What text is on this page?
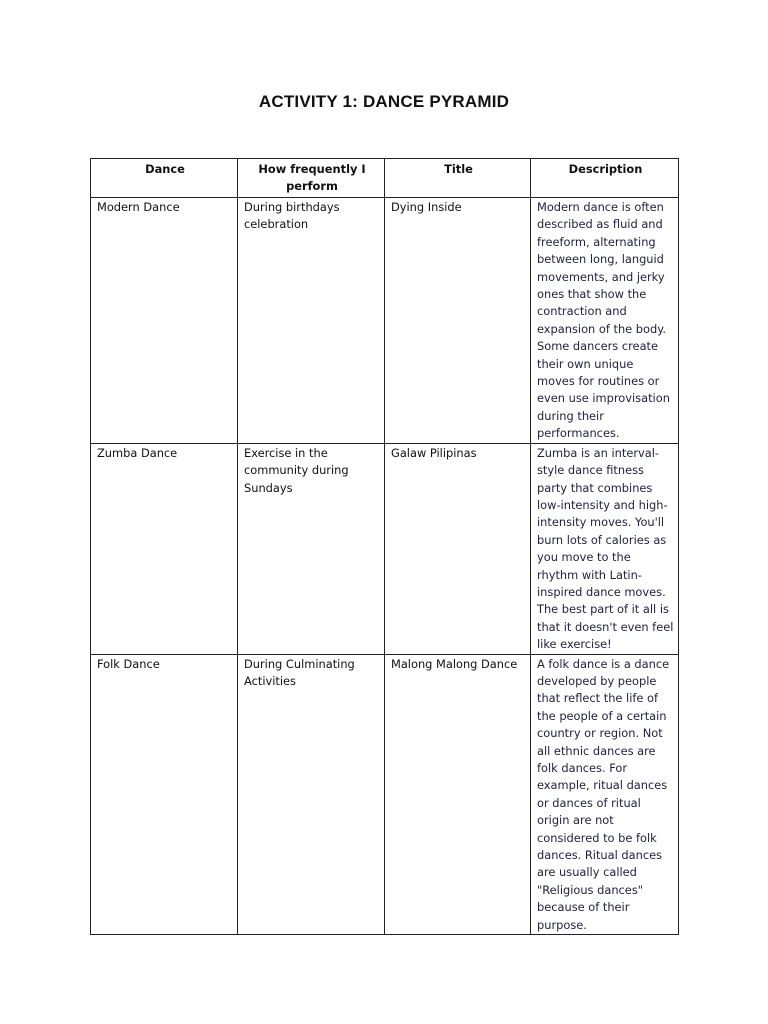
ACTIVITY 1: DANCE PYRAMID
Dance	How frequently I perform	Title	Description
Modern Dance	During birthdays celebration	Dying Inside	Modern dance is often described as fluid and freeform, alternating between long, languid movements, and jerky ones that show the contraction and expansion of the body. Some dancers create their own unique moves for routines or even use improvisation during their performances.
Zumba Dance	Exercise in the community during Sundays	Galaw Pilipinas	Zumba is an interval-style dance fitness party that combines low-intensity and high-intensity moves. You'll burn lots of calories as you move to the rhythm with Latin-inspired dance moves. The best part of it all is that it doesn't even feel like exercise!
Folk Dance	During Culminating Activities	Malong Malong Dance	A folk dance is a dance developed by people that reflect the life of the people of a certain country or region. Not all ethnic dances are folk dances. For example, ritual dances or dances of ritual origin are not considered to be folk dances. Ritual dances are usually called "Religious dances" because of their purpose.
